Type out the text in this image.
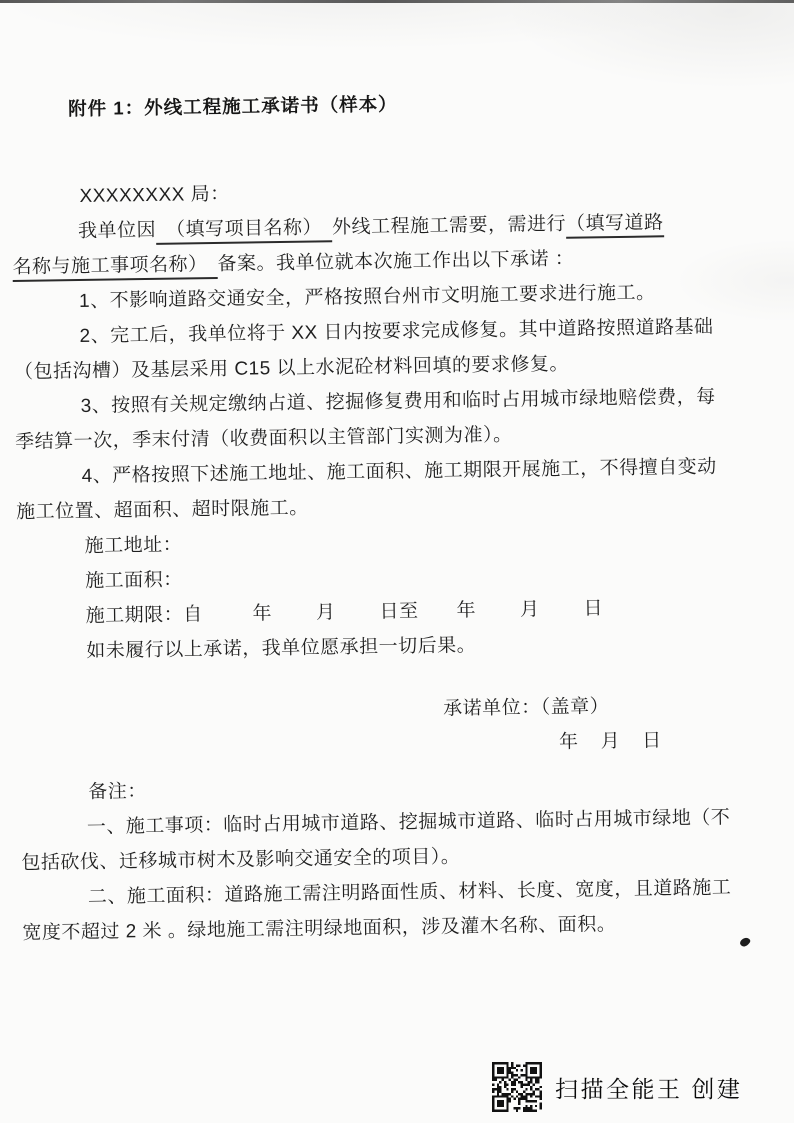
附件 1：外线工程施工承诺书（样本）
XXXXXXXX 局：
我单位因　（填写项目名称）　外线工程施工需要，需进行（填写道路
名称与施工事项名称）　备案。我单位就本次施工作出以下承诺 ：
1、不影响道路交通安全，严格按照台州市文明施工要求进行施工。
2、完工后，我单位将于 XX 日内按要求完成修复。其中道路按照道路基础
（包括沟槽）及基层采用 C15 以上水泥砼材料回填的要求修复。
3、按照有关规定缴纳占道、挖掘修复费用和临时占用城市绿地赔偿费，每
季结算一次，季末付清（收费面积以主管部门实测为准）。
4、严格按照下述施工地址、施工面积、施工期限开展施工，不得擅自变动
施工位置、超面积、超时限施工。
施工地址：
施工面积：
施工期限：自	年 月 日至 年 月 日
如未履行以上承诺，我单位愿承担一切后果。
承诺单位：（盖章）
年 月 日
备注：
一、施工事项：临时占用城市道路、挖掘城市道路、临时占用城市绿地（不
包括砍伐、迁移城市树木及影响交通安全的项目）。
二、施工面积：道路施工需注明路面性质、材料、长度、宽度，且道路施工
宽度不超过 2 米 。绿地施工需注明绿地面积，涉及灌木名称、面积。
扫描全能王 创建
